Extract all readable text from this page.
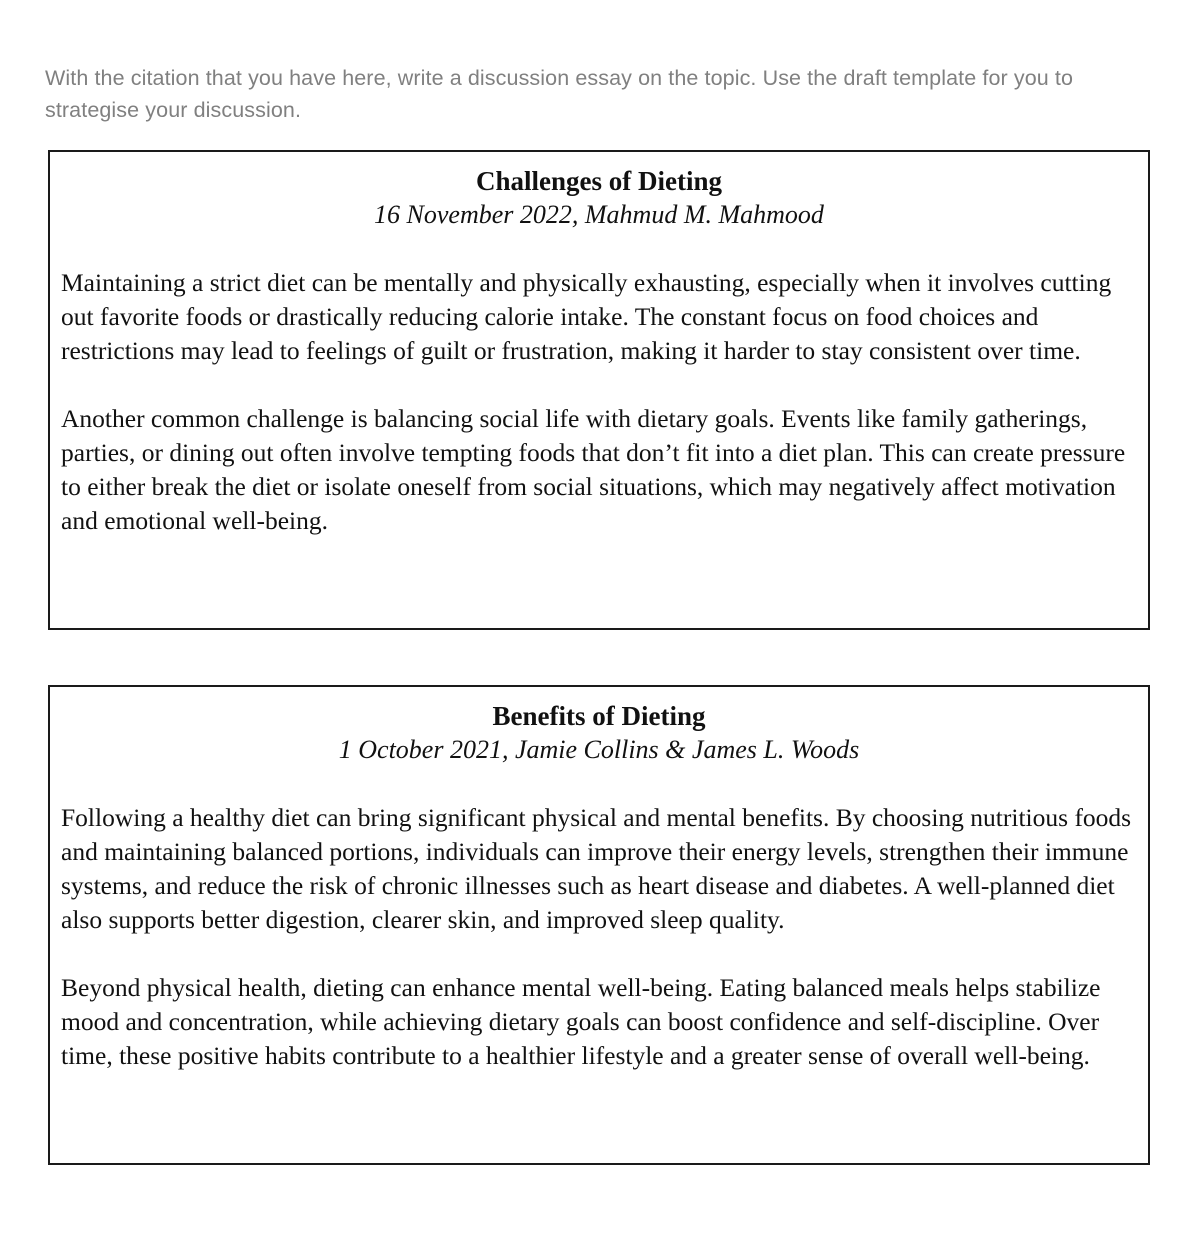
With the citation that you have here, write a discussion essay on the topic. Use the draft template for you to strategise your discussion.
Challenges of Dieting
16 November 2022, Mahmud M. Mahmood

Maintaining a strict diet can be mentally and physically exhausting, especially when it involves cutting out favorite foods or drastically reducing calorie intake. The constant focus on food choices and restrictions may lead to feelings of guilt or frustration, making it harder to stay consistent over time.

Another common challenge is balancing social life with dietary goals. Events like family gatherings, parties, or dining out often involve tempting foods that don’t fit into a diet plan. This can create pressure to either break the diet or isolate oneself from social situations, which may negatively affect motivation and emotional well-being.

Benefits of Dieting
1 October 2021, Jamie Collins & James L. Woods

Following a healthy diet can bring significant physical and mental benefits. By choosing nutritious foods and maintaining balanced portions, individuals can improve their energy levels, strengthen their immune systems, and reduce the risk of chronic illnesses such as heart disease and diabetes. A well-planned diet also supports better digestion, clearer skin, and improved sleep quality.

Beyond physical health, dieting can enhance mental well-being. Eating balanced meals helps stabilize mood and concentration, while achieving dietary goals can boost confidence and self-discipline. Over time, these positive habits contribute to a healthier lifestyle and a greater sense of overall well-being.
